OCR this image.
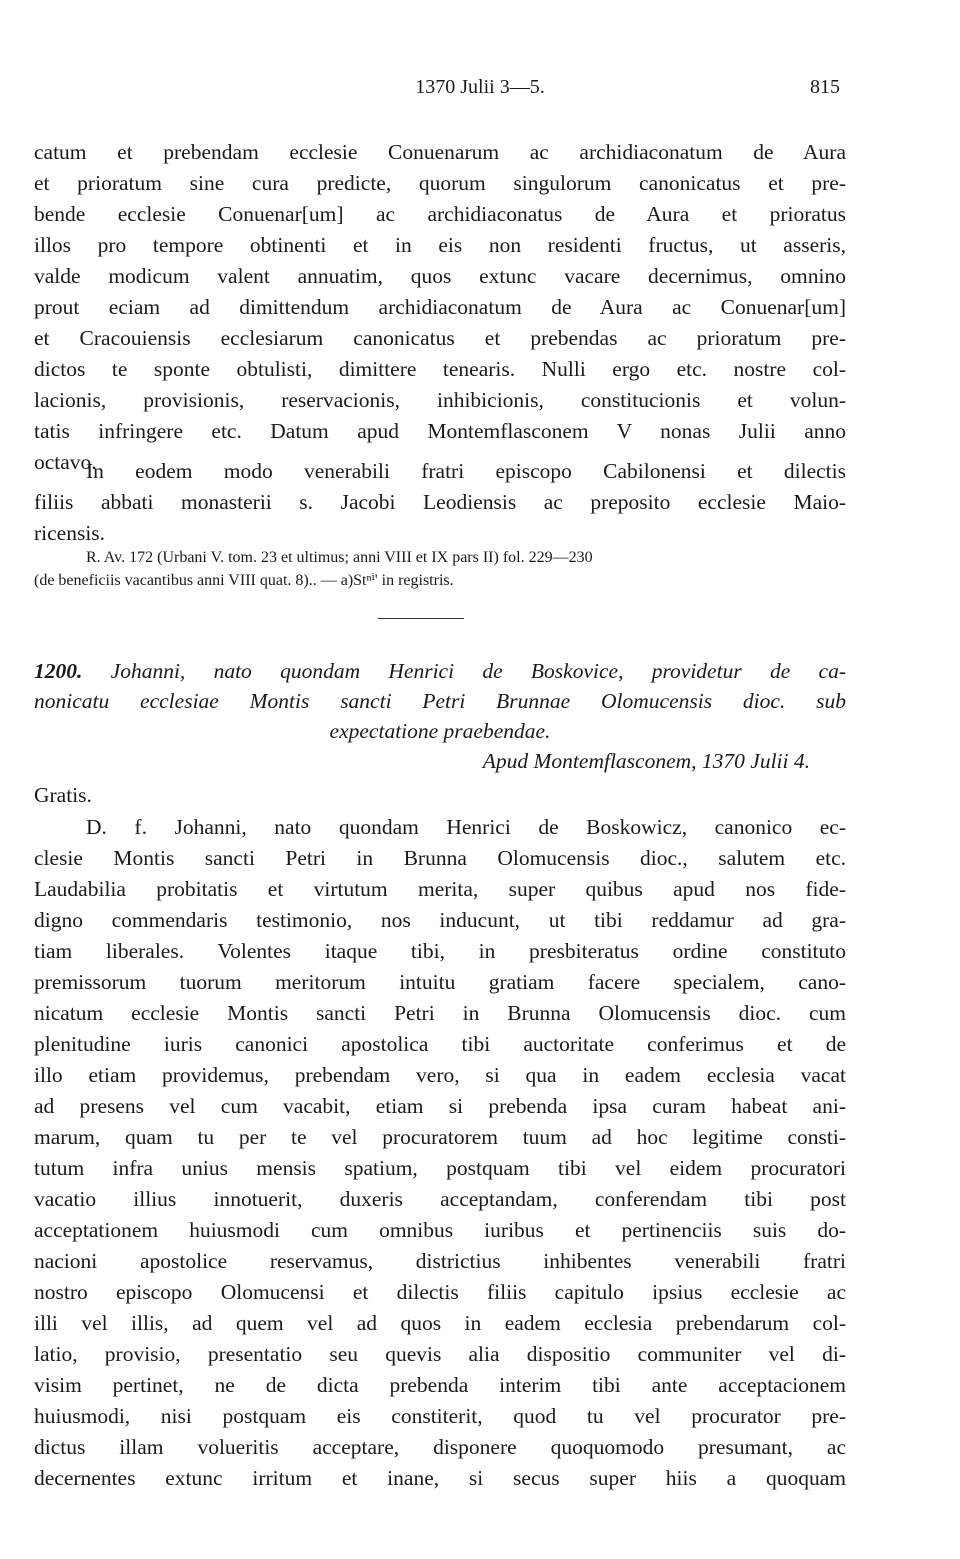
1370 Julii 3—5.	815
catum et prebendam ecclesie Conuenarum ac archidiaconatum de Aura
et prioratum sine cura predicte, quorum singulorum canonicatus et pre-
bende ecclesie Conuenar[um] ac archidiaconatus de Aura et prioratus
illos pro tempore obtinenti et in eis non residenti fructus, ut asseris,
valde modicum valent annuatim, quos extunc vacare decernimus, omnino
prout eciam ad dimittendum archidiaconatum de Aura ac Conuenar[um]
et Cracouiensis ecclesiarum canonicatus et prebendas ac prioratum pre-
dictos te sponte obtulisti, dimittere tenearis. Nulli ergo etc. nostre col-
lacionis, provisionis, reservacionis, inhibicionis, constitucionis et volun-
tatis infringere etc. Datum apud Montemflasconem V nonas Julii anno
octavo.
In eodem modo venerabili fratri episcopo Cabilonensi et dilectis
filiis abbati monasterii s. Jacobi Leodiensis ac preposito ecclesie Maio-
ricensis.
R. Av. 172 (Urbani V. tom. 23 et ultimus; anni VIII et IX pars II) fol. 229—230
(de beneficiis vacantibus anni VIII quat. 8).. — a)Stⁿⁱ' in registris.
1200. Johanni, nato quondam Henrici de Boskovice, providetur de ca-
nonicatu ecclesiae Montis sancti Petri Brunnae Olomucensis dioc. sub
expectatione praebendae.
Apud Montemflasconem, 1370 Julii 4.
Gratis.
D. f. Johanni, nato quondam Henrici de Boskowicz, canonico ec-
clesie Montis sancti Petri in Brunna Olomucensis dioc., salutem etc.
Laudabilia probitatis et virtutum merita, super quibus apud nos fide-
digno commendaris testimonio, nos inducunt, ut tibi reddamur ad gra-
tiam liberales. Volentes itaque tibi, in presbiteratus ordine constituto
premissorum tuorum meritorum intuitu gratiam facere specialem, cano-
nicatum ecclesie Montis sancti Petri in Brunna Olomucensis dioc. cum
plenitudine iuris canonici apostolica tibi auctoritate conferimus et de
illo etiam providemus, prebendam vero, si qua in eadem ecclesia vacat
ad presens vel cum vacabit, etiam si prebenda ipsa curam habeat ani-
marum, quam tu per te vel procuratorem tuum ad hoc legitime consti-
tutum infra unius mensis spatium, postquam tibi vel eidem procuratori
vacatio illius innotuerit, duxeris acceptandam, conferendam tibi post
acceptationem huiusmodi cum omnibus iuribus et pertinenciis suis do-
nacioni apostolice reservamus, districtius inhibentes venerabili fratri
nostro episcopo Olomucensi et dilectis filiis capitulo ipsius ecclesie ac
illi vel illis, ad quem vel ad quos in eadem ecclesia prebendarum col-
latio, provisio, presentatio seu quevis alia dispositio communiter vel di-
visim pertinet, ne de dicta prebenda interim tibi ante acceptacionem
huiusmodi, nisi postquam eis constiterit, quod tu vel procurator pre-
dictus illam volueritis acceptare, disponere quoquomodo presumant, ac
decernentes extunc irritum et inane, si secus super hiis a quoquam
